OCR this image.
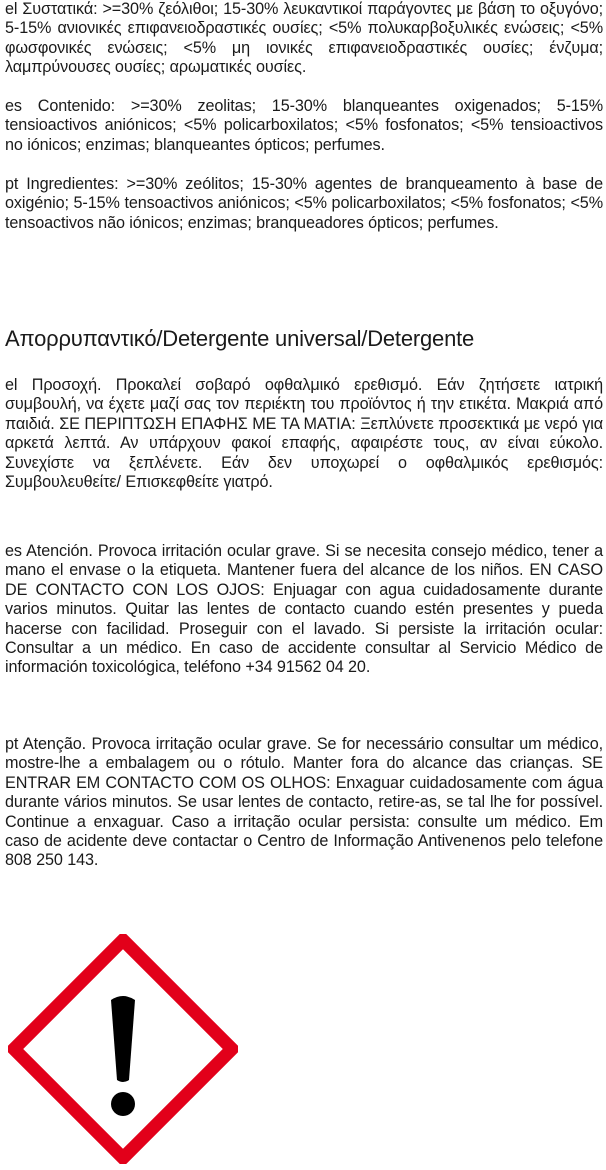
el Συστατικά: >=30% ζεόλιθοι; 15-30% λευκαντικοί παράγοντες με βάση το οξυγόνο; 5-15% ανιονικές επιφανειοδραστικές ουσίες; <5% πολυκαρβοξυλικές ενώσεις; <5% φωσφονικές ενώσεις; <5% μη ιονικές επιφανειοδραστικές ουσίες; ένζυμα; λαμπρύνουσες ουσίες; αρωματικές ουσίες.

es Contenido: >=30% zeolitas; 15-30% blanqueantes oxigenados; 5-15% tensioactivos aniónicos; <5% policarboxilatos; <5% fosfonatos; <5% tensioactivos no iónicos; enzimas; blanqueantes ópticos; perfumes.

pt Ingredientes: >=30% zeólitos; 15-30% agentes de branqueamento à base de oxigénio; 5-15% tensoactivos aniónicos; <5% policarboxilatos; <5% fosfonatos; <5% tensoactivos não iónicos; enzimas; branqueadores ópticos; perfumes.

Απορρυπαντικό/Detergente universal/Detergente

el Προσοχή. Προκαλεί σοβαρό οφθαλμικό ερεθισμό. Εάν ζητήσετε ιατρική συμβουλή, να έχετε μαζί σας τον περιέκτη του προϊόντος ή την ετικέτα. Μακριά από παιδιά. ΣΕ ΠΕΡΙΠΤΩΣΗ ΕΠΑΦΗΣ ΜΕ ΤΑ ΜΑΤΙΑ: Ξεπλύνετε προσεκτικά με νερό για αρκετά λεπτά. Αν υπάρχουν φακοί επαφής, αφαιρέστε τους, αν είναι εύκολο. Συνεχίστε να ξεπλένετε. Εάν δεν υποχωρεί ο οφθαλμικός ερεθισμός: Συμβουλευθείτε/ Επισκεφθείτε γιατρό.

es Atención. Provoca irritación ocular grave. Si se necesita consejo médico, tener a mano el envase o la etiqueta. Mantener fuera del alcance de los niños. EN CASO DE CONTACTO CON LOS OJOS: Enjuagar con agua cuidadosamente durante varios minutos. Quitar las lentes de contacto cuando estén presentes y pueda hacerse con facilidad. Proseguir con el lavado. Si persiste la irritación ocular: Consultar a un médico. En caso de accidente consultar al Servicio Médico de información toxicológica, teléfono +34 91562 04 20.

pt Atenção. Provoca irritação ocular grave. Se for necessário consultar um médico, mostre-lhe a embalagem ou o rótulo. Manter fora do alcance das crianças. SE ENTRAR EM CONTACTO COM OS OLHOS: Enxaguar cuidadosamente com água durante vários minutos. Se usar lentes de contacto, retire-as, se tal lhe for possível. Continue a enxaguar. Caso a irritação ocular persista: consulte um médico. Em caso de acidente deve contactar o Centro de Informação Antivenenos pelo telefone 808 250 143.
